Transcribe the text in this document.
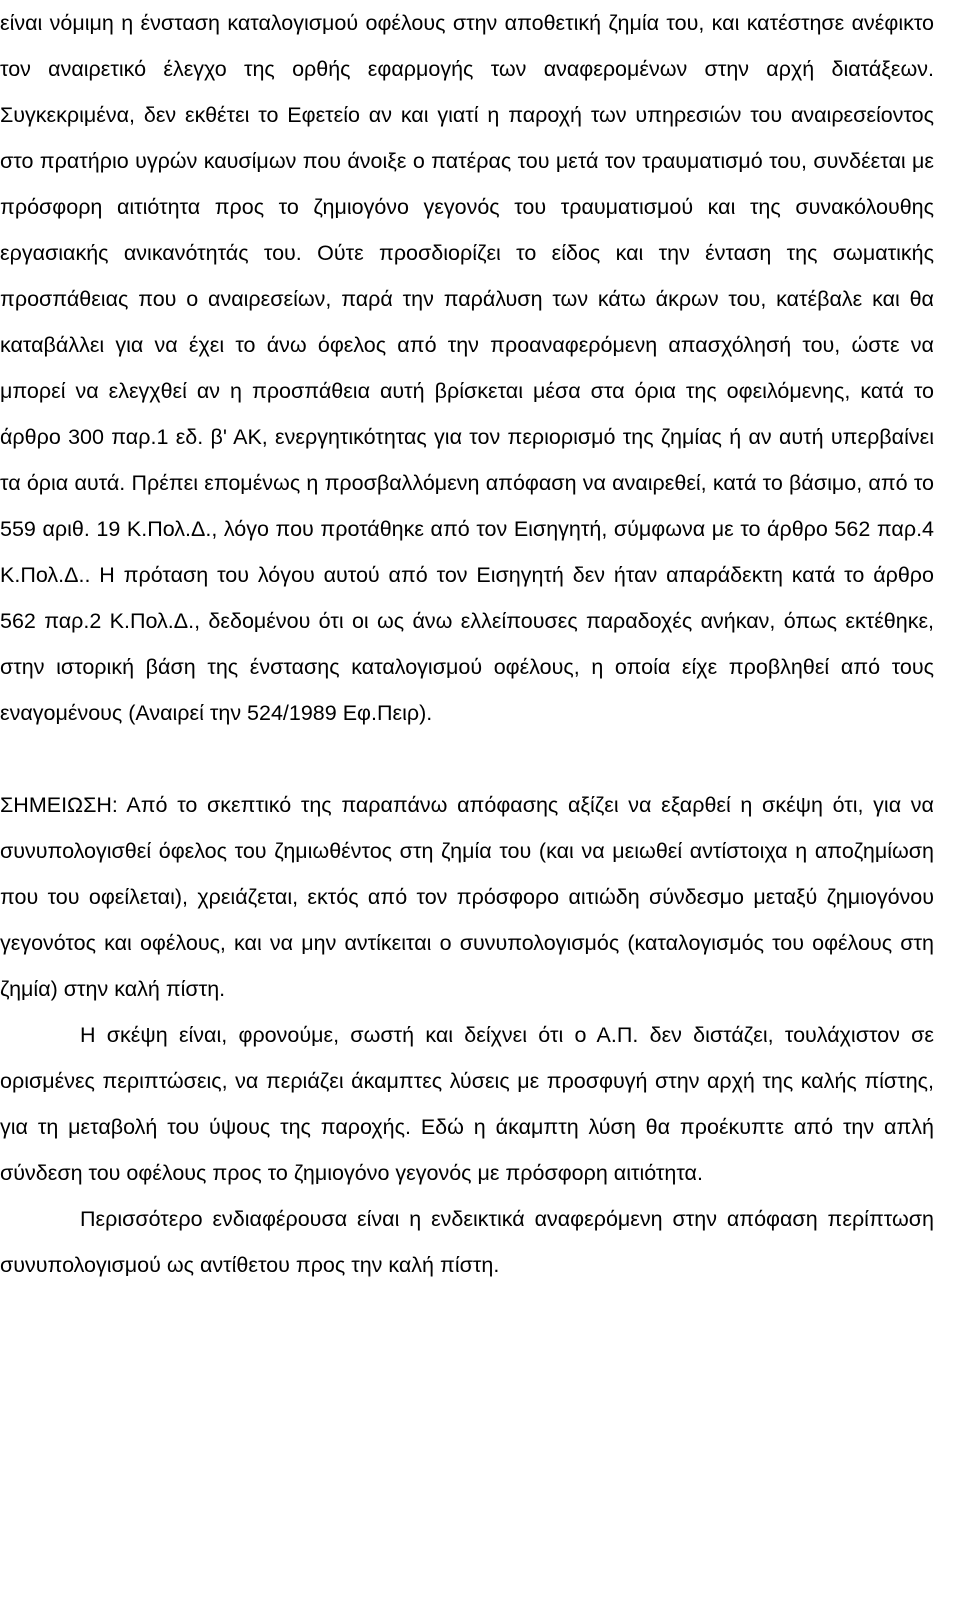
είναι νόμιμη η ένσταση καταλογισμού οφέλους στην αποθετική ζημία του, και κατέστησε ανέφικτο τον αναιρετικό έλεγχο της ορθής εφαρμογής των αναφερομένων στην αρχή διατάξεων. Συγκεκριμένα, δεν εκθέτει το Εφετείο αν και γιατί η παροχή των υπηρεσιών του αναιρεσείοντος στο πρατήριο υγρών καυσίμων που άνοιξε ο πατέρας του μετά τον τραυματισμό του, συνδέεται με πρόσφορη αιτιότητα προς το ζημιογόνο γεγονός του τραυματισμού και της συνακόλουθης εργασιακής ανικανότητάς του. Ούτε προσδιορίζει το είδος και την ένταση της σωματικής προσπάθειας που ο αναιρεσείων, παρά την παράλυση των κάτω άκρων του, κατέβαλε και θα καταβάλλει για να έχει το άνω όφελος από την προαναφερόμενη απασχόλησή του, ώστε να μπορεί να ελεγχθεί αν η προσπάθεια αυτή βρίσκεται μέσα στα όρια της οφειλόμενης, κατά το άρθρο 300 παρ.1 εδ. β' ΑΚ, ενεργητικότητας για τον περιορισμό της ζημίας ή αν αυτή υπερβαίνει τα όρια αυτά. Πρέπει επομένως η προσβαλλόμενη απόφαση να αναιρεθεί, κατά το βάσιμο, από το 559 αριθ. 19 Κ.Πολ.Δ., λόγο που προτάθηκε από τον Εισηγητή, σύμφωνα με το άρθρο 562 παρ.4 Κ.Πολ.Δ.. Η πρόταση του λόγου αυτού από τον Εισηγητή δεν ήταν απαράδεκτη κατά το άρθρο 562 παρ.2 Κ.Πολ.Δ., δεδομένου ότι οι ως άνω ελλείπουσες παραδοχές ανήκαν, όπως εκτέθηκε, στην ιστορική βάση της ένστασης καταλογισμού οφέλους, η οποία είχε προβληθεί από τους εναγομένους (Αναιρεί την 524/1989 Εφ.Πειρ).

ΣΗΜΕΙΩΣΗ: Από το σκεπτικό της παραπάνω απόφασης αξίζει να εξαρθεί η σκέψη ότι, για να συνυπολογισθεί όφελος του ζημιωθέντος στη ζημία του (και να μειωθεί αντίστοιχα η αποζημίωση που του οφείλεται), χρειάζεται, εκτός από τον πρόσφορο αιτιώδη σύνδεσμο μεταξύ ζημιογόνου γεγονότος και οφέλους, και να μην αντίκειται ο συνυπολογισμός (καταλογισμός του οφέλους στη ζημία) στην καλή πίστη.

Η σκέψη είναι, φρονούμε, σωστή και δείχνει ότι ο Α.Π. δεν διστάζει, τουλάχιστον σε ορισμένες περιπτώσεις, να περιάζει άκαμπτες λύσεις με προσφυγή στην αρχή της καλής πίστης, για τη μεταβολή του ύψους της παροχής. Εδώ η άκαμπτη λύση θα προέκυπτε από την απλή σύνδεση του οφέλους προς το ζημιογόνο γεγονός με πρόσφορη αιτιότητα.

Περισσότερο ενδιαφέρουσα είναι η ενδεικτικά αναφερόμενη στην απόφαση περίπτωση συνυπολογισμού ως αντίθετου προς την καλή πίστη.
